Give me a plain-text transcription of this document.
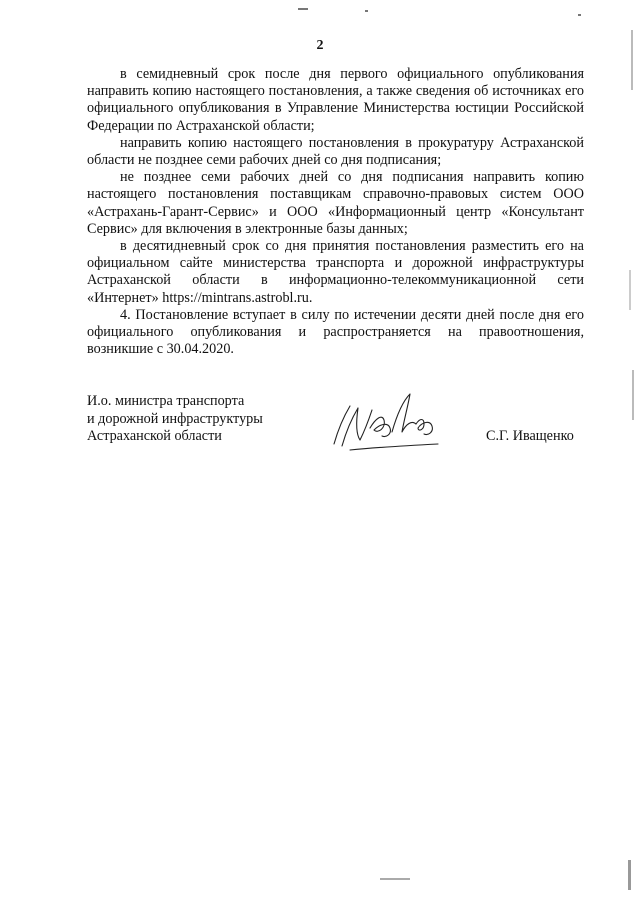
2

в семидневный срок после дня первого официального опубликования направить копию настоящего постановления, а также сведения об источниках его официального опубликования в Управление Министерства юстиции Российской Федерации по Астраханской области;

направить копию настоящего постановления в прокуратуру Астраханской области не позднее семи рабочих дней со дня подписания;

не позднее семи рабочих дней со дня подписания направить копию настоящего постановления поставщикам справочно-правовых систем ООО «Астрахань-Гарант-Сервис» и ООО «Информационный центр «Консультант Сервис» для включения в электронные базы данных;

в десятидневный срок со дня принятия постановления разместить его на официальном сайте министерства транспорта и дорожной инфраструктуры Астраханской области в информационно-телекоммуникационной сети «Интернет» https://mintrans.astrobl.ru.

4. Постановление вступает в силу по истечении десяти дней после дня его официального опубликования и распространяется на правоотношения, возникшие с 30.04.2020.

И.о. министра транспорта
и дорожной инфраструктуры
Астраханской области	С.Г. Иващенко
